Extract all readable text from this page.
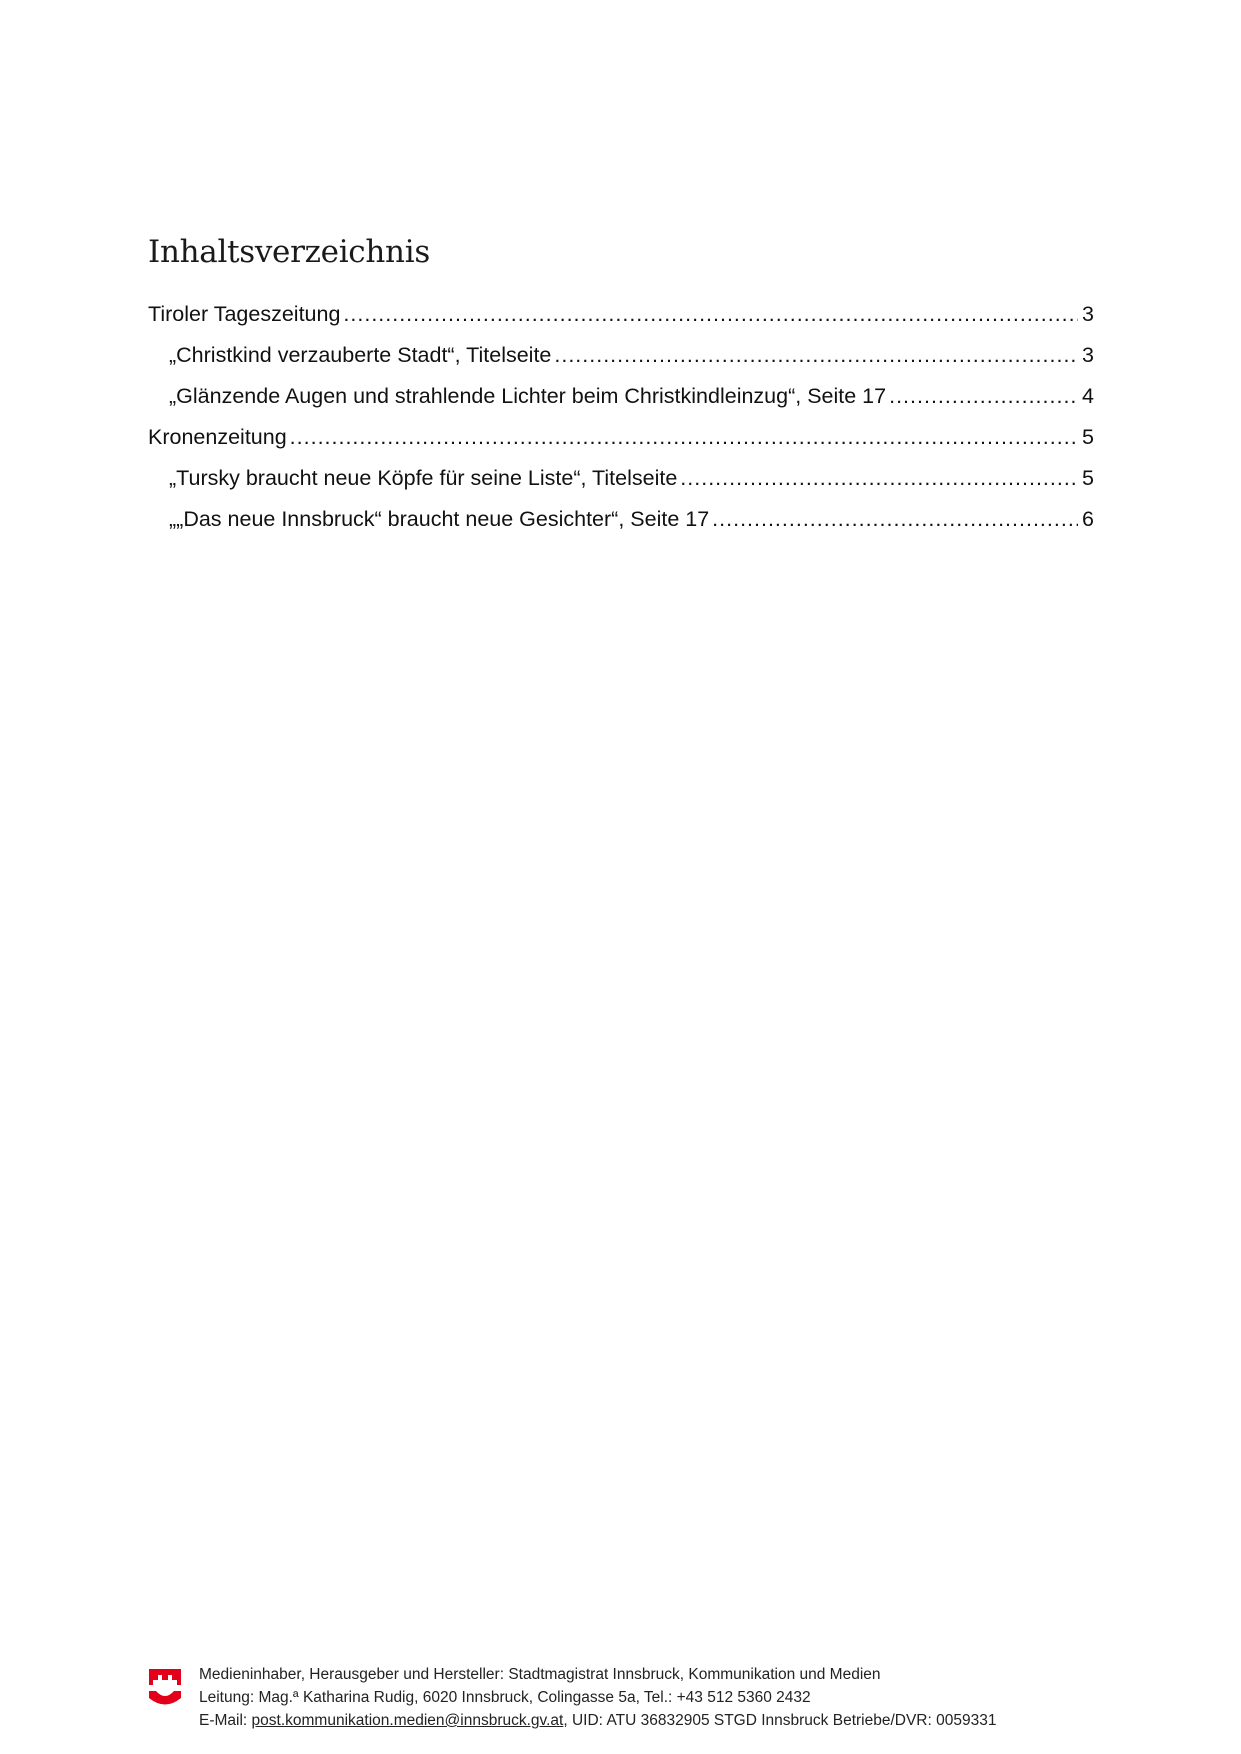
Inhaltsverzeichnis
Tiroler Tageszeitung .....	3
„Christkind verzauberte Stadt“, Titelseite .....	3
„Glänzende Augen und strahlende Lichter beim Christkindleinzug“, Seite 17 .....	4
Kronenzeitung .....	5
„Tursky braucht neue Köpfe für seine Liste“, Titelseite .....	5
„„Das neue Innsbruck“ braucht neue Gesichter“, Seite 17 .....	6
Medieninhaber, Herausgeber und Hersteller: Stadtmagistrat Innsbruck, Kommunikation und Medien
Leitung: Mag.ª Katharina Rudig, 6020 Innsbruck, Colingasse 5a, Tel.: +43 512 5360 2432
E-Mail: post.kommunikation.medien@innsbruck.gv.at, UID: ATU 36832905 STGD Innsbruck Betriebe/DVR: 0059331
